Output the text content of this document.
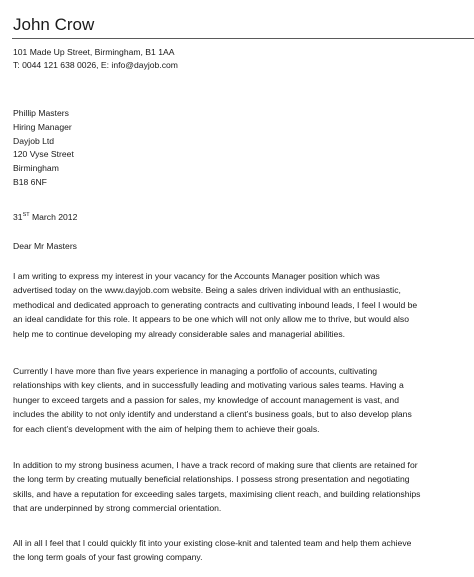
John Crow
101 Made Up Street, Birmingham, B1 1AA
T: 0044 121 638 0026, E: info@dayjob.com
Phillip Masters
Hiring Manager
Dayjob Ltd
120 Vyse Street
Birmingham
B18 6NF
31ST March 2012
Dear Mr Masters
I am writing to express my interest in your vacancy for the Accounts Manager position which was
advertised today on the www.dayjob.com website. Being a sales driven individual with an enthusiastic,
methodical and dedicated approach to generating contracts and cultivating inbound leads, I feel I would be
an ideal candidate for this role. It appears to be one which will not only allow me to thrive, but would also
help me to continue developing my already considerable sales and managerial abilities.
Currently I have more than five years experience in managing a portfolio of accounts, cultivating
relationships with key clients, and in successfully leading and motivating various sales teams. Having a
hunger to exceed targets and a passion for sales, my knowledge of account management is vast, and
includes the ability to not only identify and understand a client’s business goals, but to also develop plans
for each client’s development with the aim of helping them to achieve their goals.
In addition to my strong business acumen, I have a track record of making sure that clients are retained for
the long term by creating mutually beneficial relationships. I possess strong presentation and negotiating
skills, and have a reputation for exceeding sales targets, maximising client reach, and building relationships
that are underpinned by strong commercial orientation.
All in all I feel that I could quickly fit into your existing close-knit and talented team and help them achieve
the long term goals of your fast growing company.
